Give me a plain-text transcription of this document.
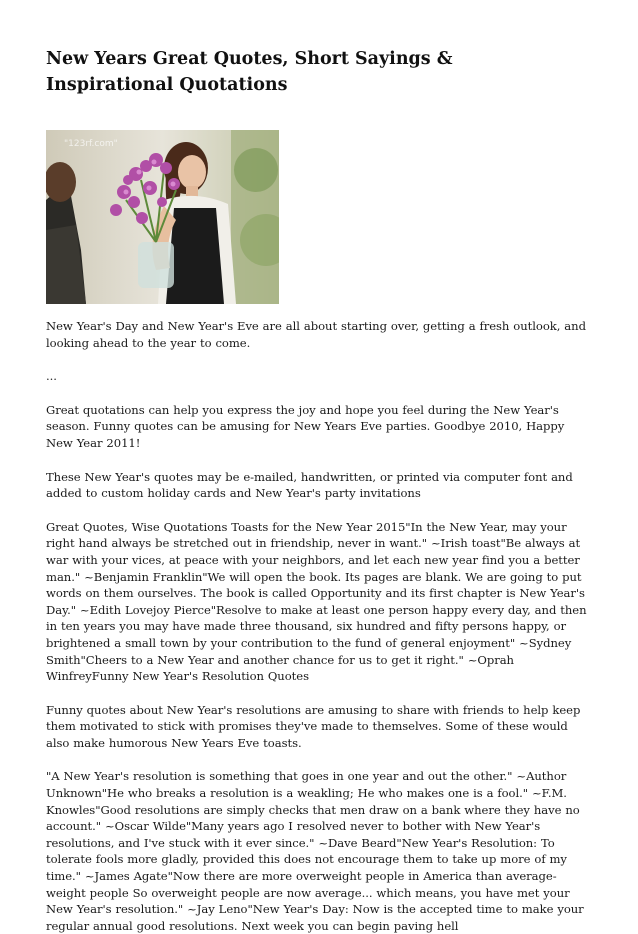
New Years Great Quotes, Short Sayings & Inspirational Quotations
"123rf.com"

New Year's Day and New Year's Eve are all about starting over, getting a fresh outlook, and looking ahead to the year to come.

...

Great quotations can help you express the joy and hope you feel during the New Year's season. Funny quotes can be amusing for New Years Eve parties. Goodbye 2010, Happy New Year 2011!

These New Year's quotes may be e-mailed, handwritten, or printed via computer font and added to custom holiday cards and New Year's party invitations

Great Quotes, Wise Quotations Toasts for the New Year 2015"In the New Year, may your right hand always be stretched out in friendship, never in want." ~Irish toast"Be always at war with your vices, at peace with your neighbors, and let each new year find you a better man." ~Benjamin Franklin"We will open the book. Its pages are blank. We are going to put words on them ourselves. The book is called Opportunity and its first chapter is New Year's Day." ~Edith Lovejoy Pierce"Resolve to make at least one person happy every day, and then in ten years you may have made three thousand, six hundred and fifty persons happy, or brightened a small town by your contribution to the fund of general enjoyment" ~Sydney Smith"Cheers to a New Year and another chance for us to get it right." ~Oprah WinfreyFunny New Year's Resolution Quotes

Funny quotes about New Year's resolutions are amusing to share with friends to help keep them motivated to stick with promises they've made to themselves. Some of these would also make humorous New Years Eve toasts.

"A New Year's resolution is something that goes in one year and out the other." ~Author Unknown"He who breaks a resolution is a weakling; He who makes one is a fool." ~F.M. Knowles"Good resolutions are simply checks that men draw on a bank where they have no account." ~Oscar Wilde"Many years ago I resolved never to bother with New Year's resolutions, and I've stuck with it ever since." ~Dave Beard"New Year's Resolution: To tolerate fools more gladly, provided this does not encourage them to take up more of my time." ~James Agate"Now there are more overweight people in America than average-weight people So overweight people are now average... which means, you have met your New Year's resolution." ~Jay Leno"New Year's Day: Now is the accepted time to make your regular annual good resolutions. Next week you can begin paving hell
